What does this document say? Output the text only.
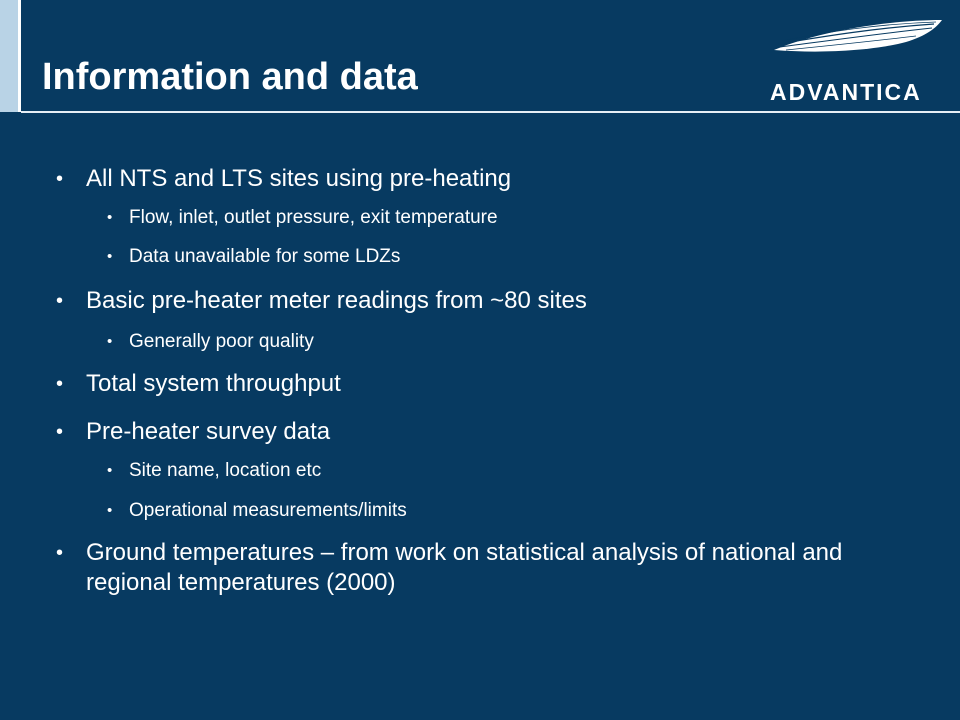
Information and data	ADVANTICA
• All NTS and LTS sites using pre-heating
• Flow, inlet, outlet pressure, exit temperature
• Data unavailable for some LDZs
• Basic pre-heater meter readings from ~80 sites
• Generally poor quality
• Total system throughput
• Pre-heater survey data
• Site name, location etc
• Operational measurements/limits
• Ground temperatures – from work on statistical analysis of national and regional temperatures (2000)
